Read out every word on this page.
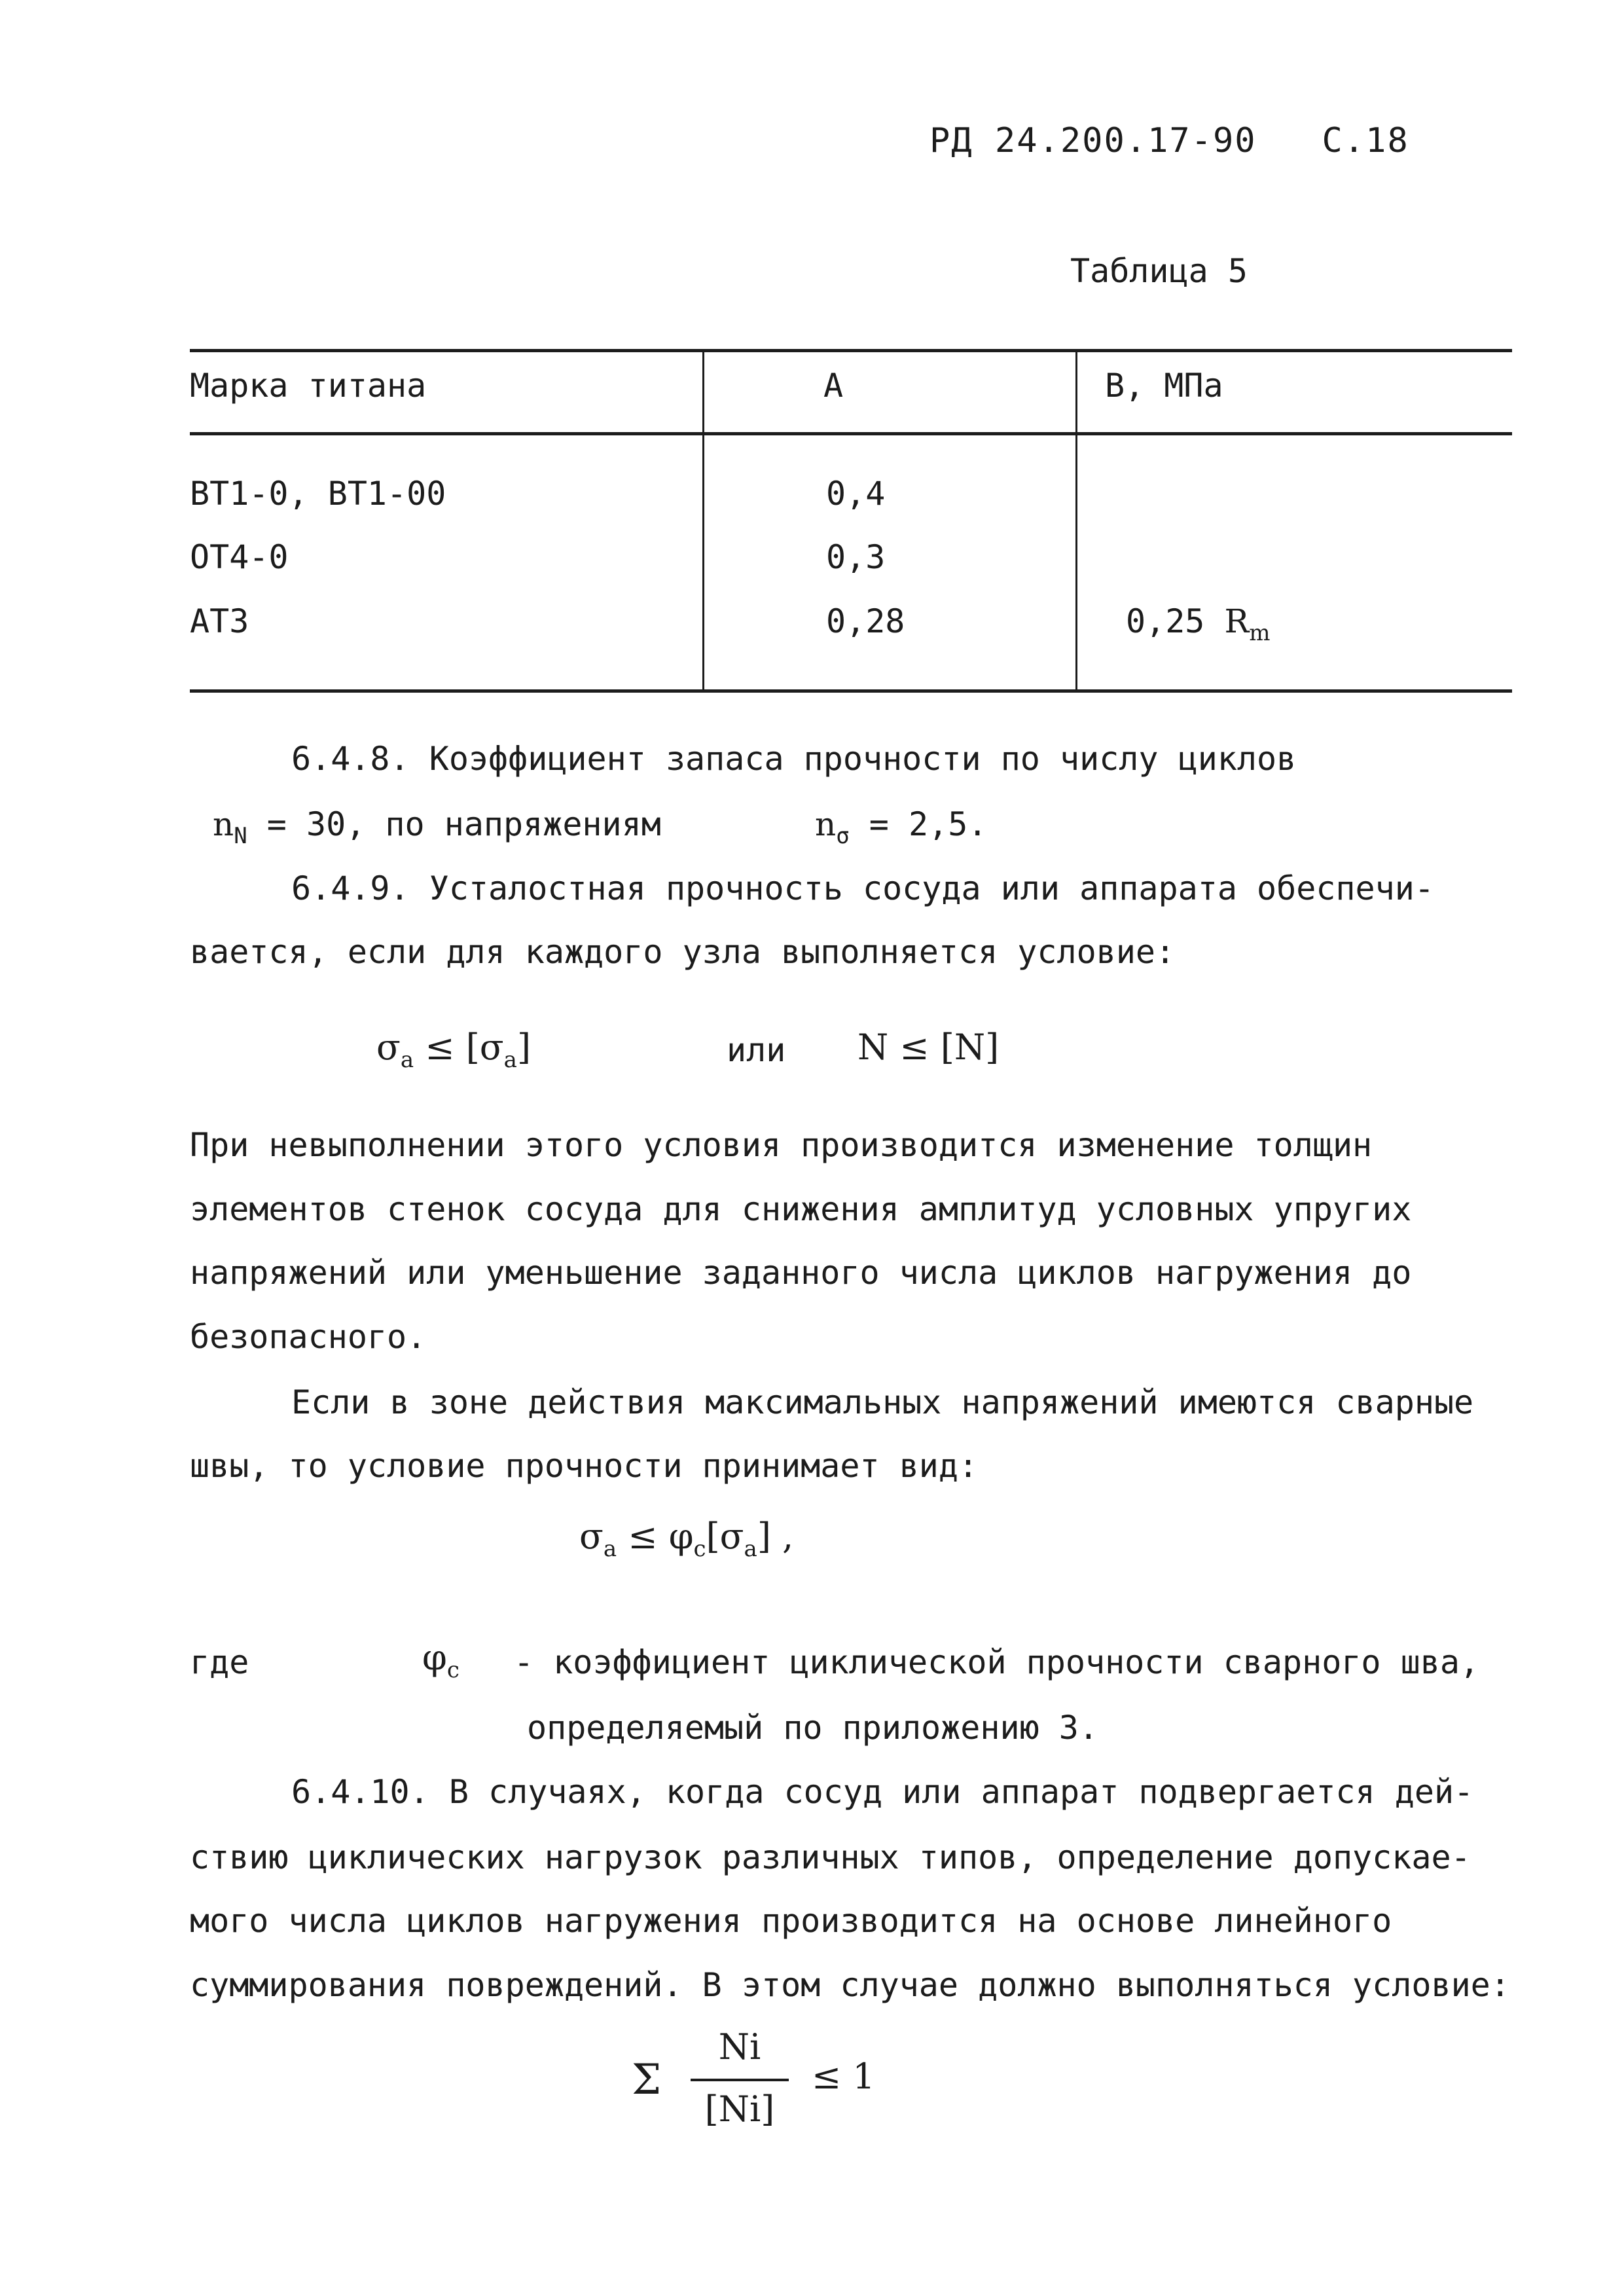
РД 24.200.17-90 С.18
Таблица 5
Марка титана	A	B, МПа
ВТ1-0, ВТ1-00	0,4
ОТ4-0	0,3
АТ3	0,28	0,25 $R_m$
6.4.8. Коэффициент запаса прочности по числу циклов
$n_N = 30$, по напряжениям	$n_\sigma = 2,5$.
6.4.9. Усталостная прочность сосуда или аппарата обеспечи-
вается, если для каждого узла выполняется условие:
$\sigma_a \le [\sigma_a]$	или N ≤ [N]
При невыполнении этого условия производится изменение толщин
элементов стенок сосуда для снижения амплитуд условных упругих
напряжений или уменьшение заданного числа циклов нагружения до
безопасного.
Если в зоне действия максимальных напряжений имеются сварные
швы, то условие прочности принимает вид:
$\sigma_a \le \varphi_c[\sigma_a]$ ,
где	$\varphi_c$ - коэффициент циклической прочности сварного шва,
определяемый по приложению 3.
6.4.10. В случаях, когда сосуд или аппарат подвергается дей-
ствию циклических нагрузок различных типов, определение допускае-
мого числа циклов нагружения производится на основе линейного
суммирования повреждений. В этом случае должно выполняться условие:
Σ
Ni
[Ni]
≤ 1
